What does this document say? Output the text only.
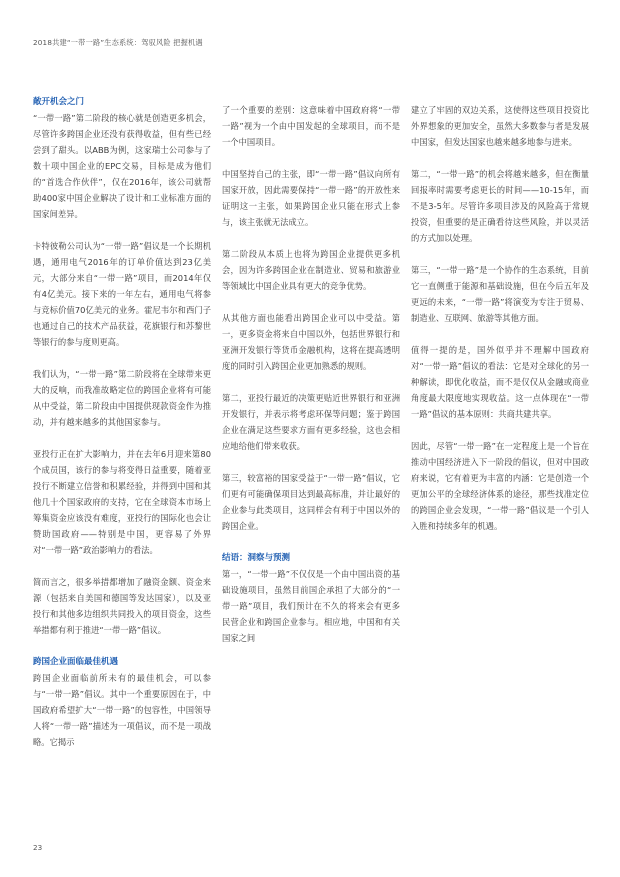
2018共建“一带一路”生态系统：驾驭风险 把握机遇
敞开机会之门

“一带一路”第二阶段的核心就是创造更多机会，尽管许多跨国企业还没有获得收益，但有些已经尝到了甜头。以ABB为例，这家瑞士公司参与了数十项中国企业的EPC交易，目标是成为他们的“首选合作伙伴”，仅在2016年，该公司就帮助400家中国企业解决了设计和工业标准方面的国家间差异。

卡特彼勒公司认为“一带一路”倡议是一个长期机遇，通用电气2016年的订单价值达到23亿美元，大部分来自“一带一路”项目，而2014年仅有4亿美元。接下来的一年左右，通用电气将参与竞标价值70亿美元的业务。霍尼韦尔和西门子也通过自己的技术产品获益，花旗银行和苏黎世等银行的参与度则更高。

我们认为，“一带一路”第二阶段将在全球带来更大的反响，而我准故略定位的跨国企业将有可能从中受益，第二阶段由中国提供现款资金作为推动，并有越来越多的其他国家参与。

亚投行正在扩大影响力，并在去年6月迎来第80个成员国，该行的参与将变得日益重要，随着亚投行不断建立信誉和积累经验，并得到中国和其他几十个国家政府的支持，它在全球资本市场上筹集资金应该没有难度，亚投行的国际化也会让赞助国政府——特别是中国，更容易了外界对“一带一路”政治影响力的看法。

简而言之，很多举措都增加了融资金额、资金来源（包括来自美国和德国等发达国家），以及亚投行和其他多边组织共同投入的项目资金，这些举措都有利于推进“一带一路”倡议。

跨国企业面临最佳机遇

跨国企业面临前所未有的最佳机会，可以参与“一带一路”倡议。其中一个重要原因在于，中国政府希望扩大“一带一路”的包容性，中国领导人将“一带一路”描述为一项倡议，而不是一项战略。它揭示

了一个重要的差别：这意味着中国政府将“一带一路”视为一个由中国发起的全球项目，而不是一个中国项目。

中国坚持自己的主张，即“一带一路”倡议向所有国家开放，因此需要保持“一带一路”的开放性来证明这一主张，如果跨国企业只能在形式上参与，该主张就无法成立。

第二阶段从本质上也将为跨国企业提供更多机会，因为许多跨国企业在制造业、贸易和旅游业等领域比中国企业具有更大的竞争优势。

从其他方面也能看出跨国企业可以中受益。第一，更多资金将来自中国以外，包括世界银行和亚洲开发银行等货币金融机构，这将在提高透明度的同时引入跨国企业更加熟悉的规则。

第二，亚投行最近的决策更贴近世界银行和亚洲开发银行，并表示将考虑环保等问题；鉴于跨国企业在满足这些要求方面有更多经验，这也会相应地给他们带来收获。

第三，较富裕的国家受益于“一带一路”倡议，它们更有可能确保项目达到最高标准，并让最好的企业参与此类项目，这同样会有利于中国以外的跨国企业。

结语：洞察与预测

第一，“一带一路”不仅仅是一个由中国出资的基础设施项目，虽然目前国企承担了大部分的“一带一路”项目，我们预计在不久的将来会有更多民营企业和跨国企业参与。相应地，中国和有关国家之间

建立了牢固的双边关系，这使得这些项目投资比外界想象的更加安全，虽然大多数参与者是发展中国家，但发达国家也越来越多地参与进来。

第二，“一带一路”的机会将越来越多，但在衡量回报率时需要考虑更长的时间——10-15年，而不是3-5年。尽管许多项目涉及的风险高于常规投资，但重要的是正确看待这些风险，并以灵活的方式加以处理。

第三，“一带一路”是一个协作的生态系统，目前它一直侧重于能源和基础设施，但在今后五年及更远的未来，“一带一路”将演变为专注于贸易、制造业、互联网、旅游等其他方面。

值得一提的是，国外似乎并不理解中国政府对“一带一路”倡议的看法：它是对全球化的另一种解读，即优化收益，而不是仅仅从金融或商业角度最大限度地实现收益。这一点体现在“一带一路”倡议的基本原则：共商共建共享。

因此，尽管“一带一路”在一定程度上是一个旨在推动中国经济进入下一阶段的倡议，但对中国政府来说，它有着更为丰富的内涵：它是创造一个更加公平的全球经济体系的途径，那些找准定位的跨国企业会发现，“一带一路”倡议是一个引人入胜和持续多年的机遇。

23
